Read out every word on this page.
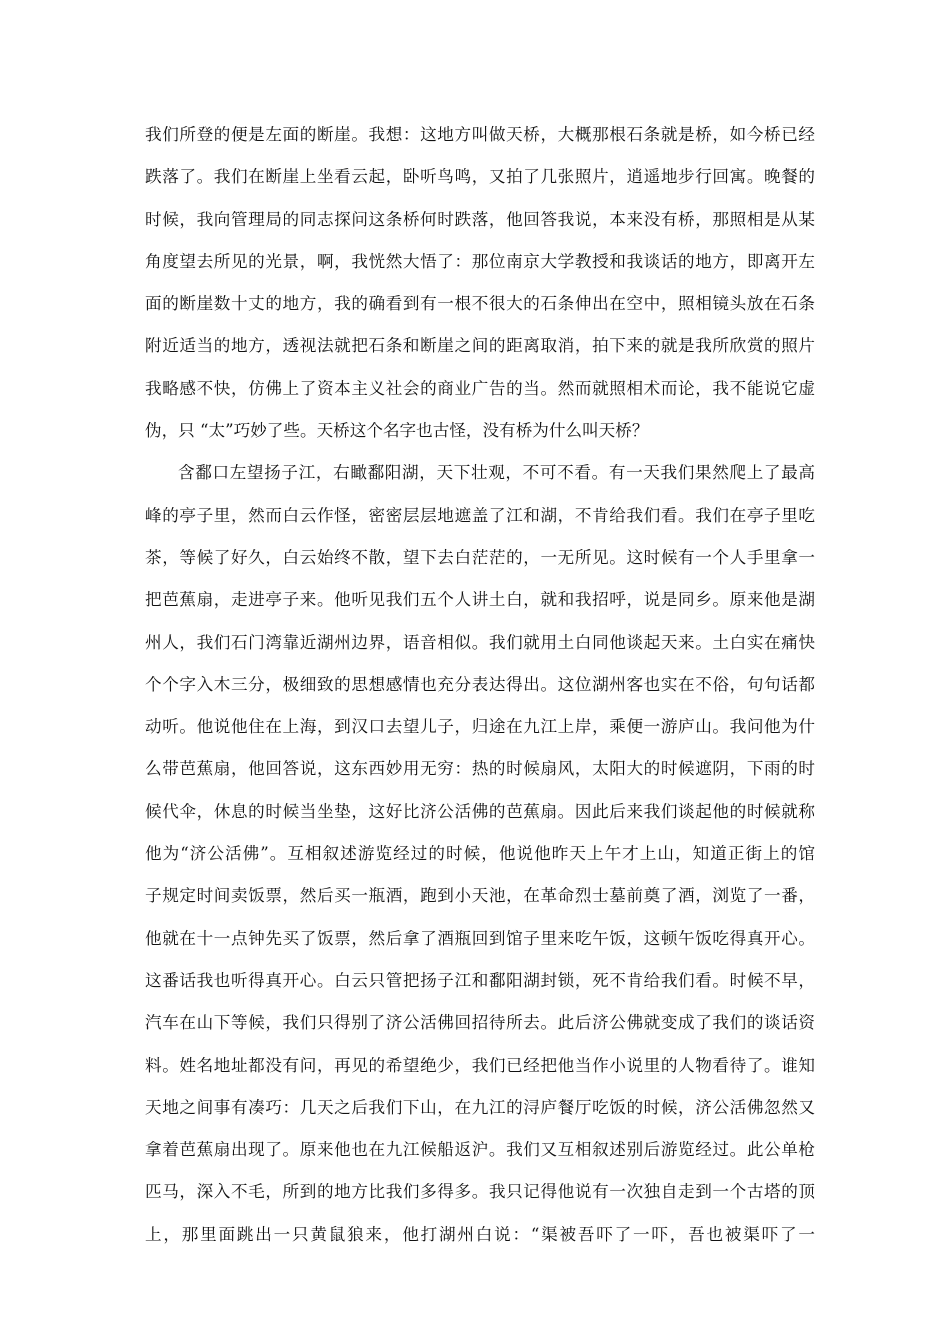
我们所登的便是左面的断崖。我想：这地方叫做天桥，大概那根石条就是桥，如今桥已经
跌落了。我们在断崖上坐看云起，卧听鸟鸣，又拍了几张照片，逍遥地步行回寓。晚餐的
时候，我向管理局的同志探问这条桥何时跌落，他回答我说，本来没有桥，那照相是从某
角度望去所见的光景，啊，我恍然大悟了：那位南京大学教授和我谈话的地方，即离开左
面的断崖数十丈的地方，我的确看到有一根不很大的石条伸出在空中，照相镜头放在石条
附近适当的地方，透视法就把石条和断崖之间的距离取消，拍下来的就是我所欣赏的照片
我略感不快，仿佛上了资本主义社会的商业广告的当。然而就照相术而论，我不能说它虚
伪，只 “太”巧妙了些。天桥这个名字也古怪，没有桥为什么叫天桥？
含鄱口左望扬子江，右瞰鄱阳湖，天下壮观，不可不看。有一天我们果然爬上了最高
峰的亭子里，然而白云作怪，密密层层地遮盖了江和湖，不肯给我们看。我们在亭子里吃
茶，等候了好久，白云始终不散，望下去白茫茫的，一无所见。这时候有一个人手里拿一
把芭蕉扇，走进亭子来。他听见我们五个人讲土白，就和我招呼，说是同乡。原来他是湖
州人，我们石门湾靠近湖州边界，语音相似。我们就用土白同他谈起天来。土白实在痛快
个个字入木三分，极细致的思想感情也充分表达得出。这位湖州客也实在不俗，句句话都
动听。他说他住在上海，到汉口去望儿子，归途在九江上岸，乘便一游庐山。我问他为什
么带芭蕉扇，他回答说，这东西妙用无穷：热的时候扇风，太阳大的时候遮阴，下雨的时
候代伞，休息的时候当坐垫，这好比济公活佛的芭蕉扇。因此后来我们谈起他的时候就称
他为“济公活佛”。互相叙述游览经过的时候，他说他昨天上午才上山，知道正街上的馆
子规定时间卖饭票，然后买一瓶酒，跑到小天池，在革命烈士墓前奠了酒，浏览了一番，
他就在十一点钟先买了饭票，然后拿了酒瓶回到馆子里来吃午饭，这顿午饭吃得真开心。
这番话我也听得真开心。白云只管把扬子江和鄱阳湖封锁，死不肯给我们看。时候不早，
汽车在山下等候，我们只得别了济公活佛回招待所去。此后济公佛就变成了我们的谈话资
料。姓名地址都没有问，再见的希望绝少，我们已经把他当作小说里的人物看待了。谁知
天地之间事有凑巧：几天之后我们下山，在九江的浔庐餐厅吃饭的时候，济公活佛忽然又
拿着芭蕉扇出现了。原来他也在九江候船返沪。我们又互相叙述别后游览经过。此公单枪
匹马，深入不毛，所到的地方比我们多得多。我只记得他说有一次独自走到一个古塔的顶
上，那里面跳出一只黄鼠狼来，他打湖州白说：“渠被吾吓了一吓，吾也被渠吓了一
